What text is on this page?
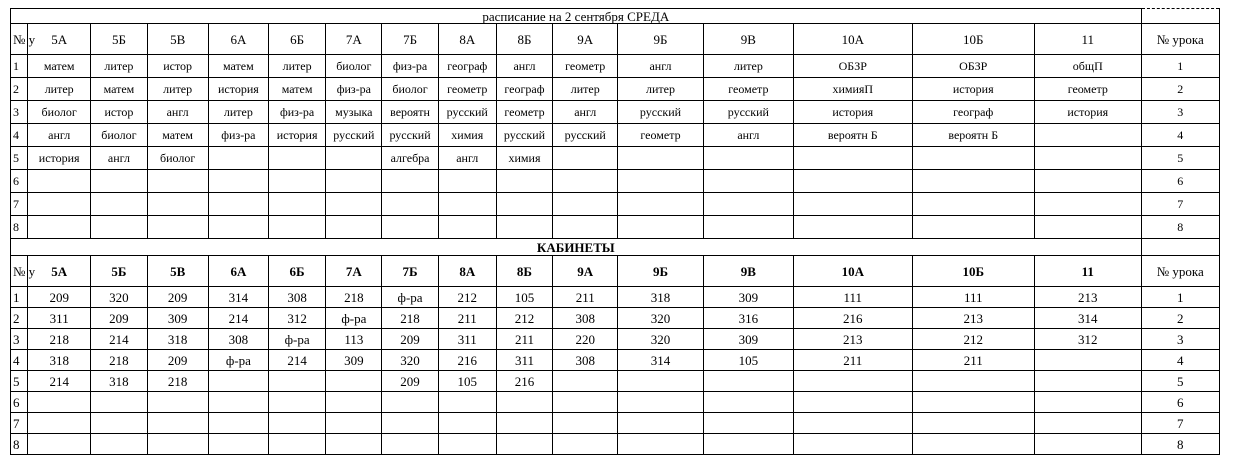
расписание на 2 сентября СРЕДА																
№ у	5А	5Б	5В	6А	6Б	7А	7Б	8А	8Б	9А	9Б	9В	10А	10Б	11	№ урока
1	матем	литер	истор	матем	литер	биолог	физ-ра	географ	англ	геометр	англ	литер	ОБЗР	ОБЗР	общП	1
2	литер	матем	литер	история	матем	физ-ра	биолог	геометр	географ	литер	литер	геометр	химияП	история	геометр	2
3	биолог	истор	англ	литер	физ-ра	музыка	вероятн	русский	геометр	англ	русский	русский	история	географ	история	3
4	англ	биолог	матем	физ-ра	история	русский	русский	химия	русский	русский	геометр	англ	вероятн Б	вероятн Б		4
5	история	англ	биолог				алгебра	англ	химия							5
6																6
7																7
8																8
КАБИНЕТЫ																
№ у	5А	5Б	5В	6А	6Б	7А	7Б	8А	8Б	9А	9Б	9В	10А	10Б	11	№ урока
1	209	320	209	314	308	218	ф-ра	212	105	211	318	309	111	111	213	1
2	311	209	309	214	312	ф-ра	218	211	212	308	320	316	216	213	314	2
3	218	214	318	308	ф-ра	113	209	311	211	220	320	309	213	212	312	3
4	318	218	209	ф-ра	214	309	320	216	311	308	314	105	211	211		4
5	214	318	218				209	105	216							5
6																6
7																7
8																8
